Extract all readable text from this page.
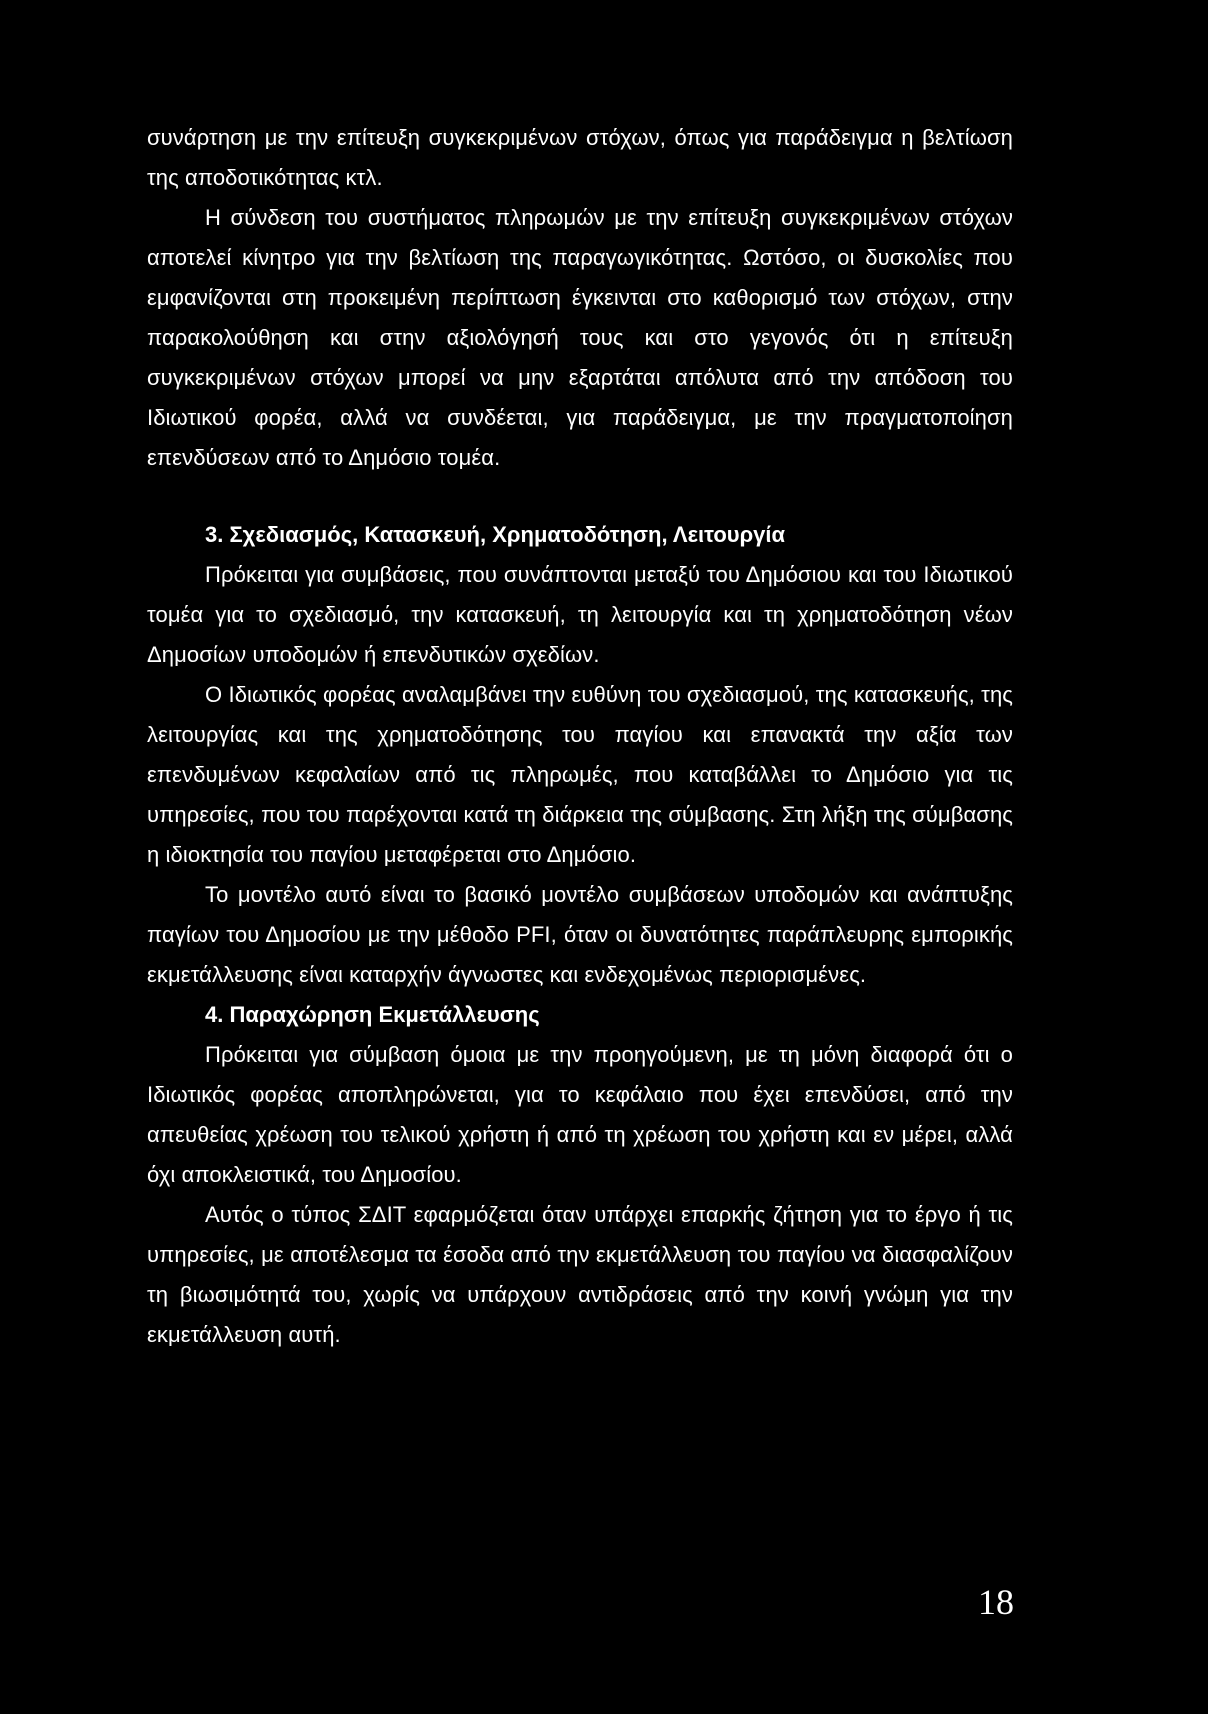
συνάρτηση με την επίτευξη συγκεκριμένων στόχων, όπως για παράδειγμα η βελτίωση της αποδοτικότητας κτλ.

Η σύνδεση του συστήματος πληρωμών με την επίτευξη συγκεκριμένων στόχων αποτελεί κίνητρο για την βελτίωση της παραγωγικότητας. Ωστόσο, οι δυσκολίες που εμφανίζονται στη προκειμένη περίπτωση έγκεινται στο καθορισμό των στόχων, στην παρακολούθηση και στην αξιολόγησή τους και στο γεγονός ότι η επίτευξη συγκεκριμένων στόχων μπορεί να μην εξαρτάται απόλυτα από την απόδοση του Ιδιωτικού φορέα, αλλά να συνδέεται, για παράδειγμα, με την πραγματοποίηση επενδύσεων από το Δημόσιο τομέα.

3. Σχεδιασμός, Κατασκευή, Χρηματοδότηση, Λειτουργία

Πρόκειται για συμβάσεις, που συνάπτονται μεταξύ του Δημόσιου και του Ιδιωτικού τομέα για το σχεδιασμό, την κατασκευή, τη λειτουργία και τη χρηματοδότηση νέων Δημοσίων υποδομών ή επενδυτικών σχεδίων.

Ο Ιδιωτικός φορέας αναλαμβάνει την ευθύνη του σχεδιασμού, της κατασκευής, της λειτουργίας και της χρηματοδότησης του παγίου και επανακτά την αξία των επενδυμένων κεφαλαίων από τις πληρωμές, που καταβάλλει το Δημόσιο για τις υπηρεσίες, που του παρέχονται κατά τη διάρκεια της σύμβασης. Στη λήξη της σύμβασης η ιδιοκτησία του παγίου μεταφέρεται στο Δημόσιο.

Το μοντέλο αυτό είναι το βασικό μοντέλο συμβάσεων υποδομών και ανάπτυξης παγίων του Δημοσίου με την μέθοδο PFI, όταν οι δυνατότητες παράπλευρης εμπορικής εκμετάλλευσης είναι καταρχήν άγνωστες και ενδεχομένως περιορισμένες.

4. Παραχώρηση Εκμετάλλευσης

Πρόκειται για σύμβαση όμοια με την προηγούμενη, με τη μόνη διαφορά ότι ο Ιδιωτικός φορέας αποπληρώνεται, για το κεφάλαιο που έχει επενδύσει, από την απευθείας χρέωση του τελικού χρήστη ή από τη χρέωση του χρήστη και εν μέρει, αλλά όχι αποκλειστικά, του Δημοσίου.

Αυτός ο τύπος ΣΔΙΤ εφαρμόζεται όταν υπάρχει επαρκής ζήτηση για το έργο ή τις υπηρεσίες, με αποτέλεσμα τα έσοδα από την εκμετάλλευση του παγίου να διασφαλίζουν τη βιωσιμότητά του, χωρίς να υπάρχουν αντιδράσεις από την κοινή γνώμη για την εκμετάλλευση αυτή.

18
